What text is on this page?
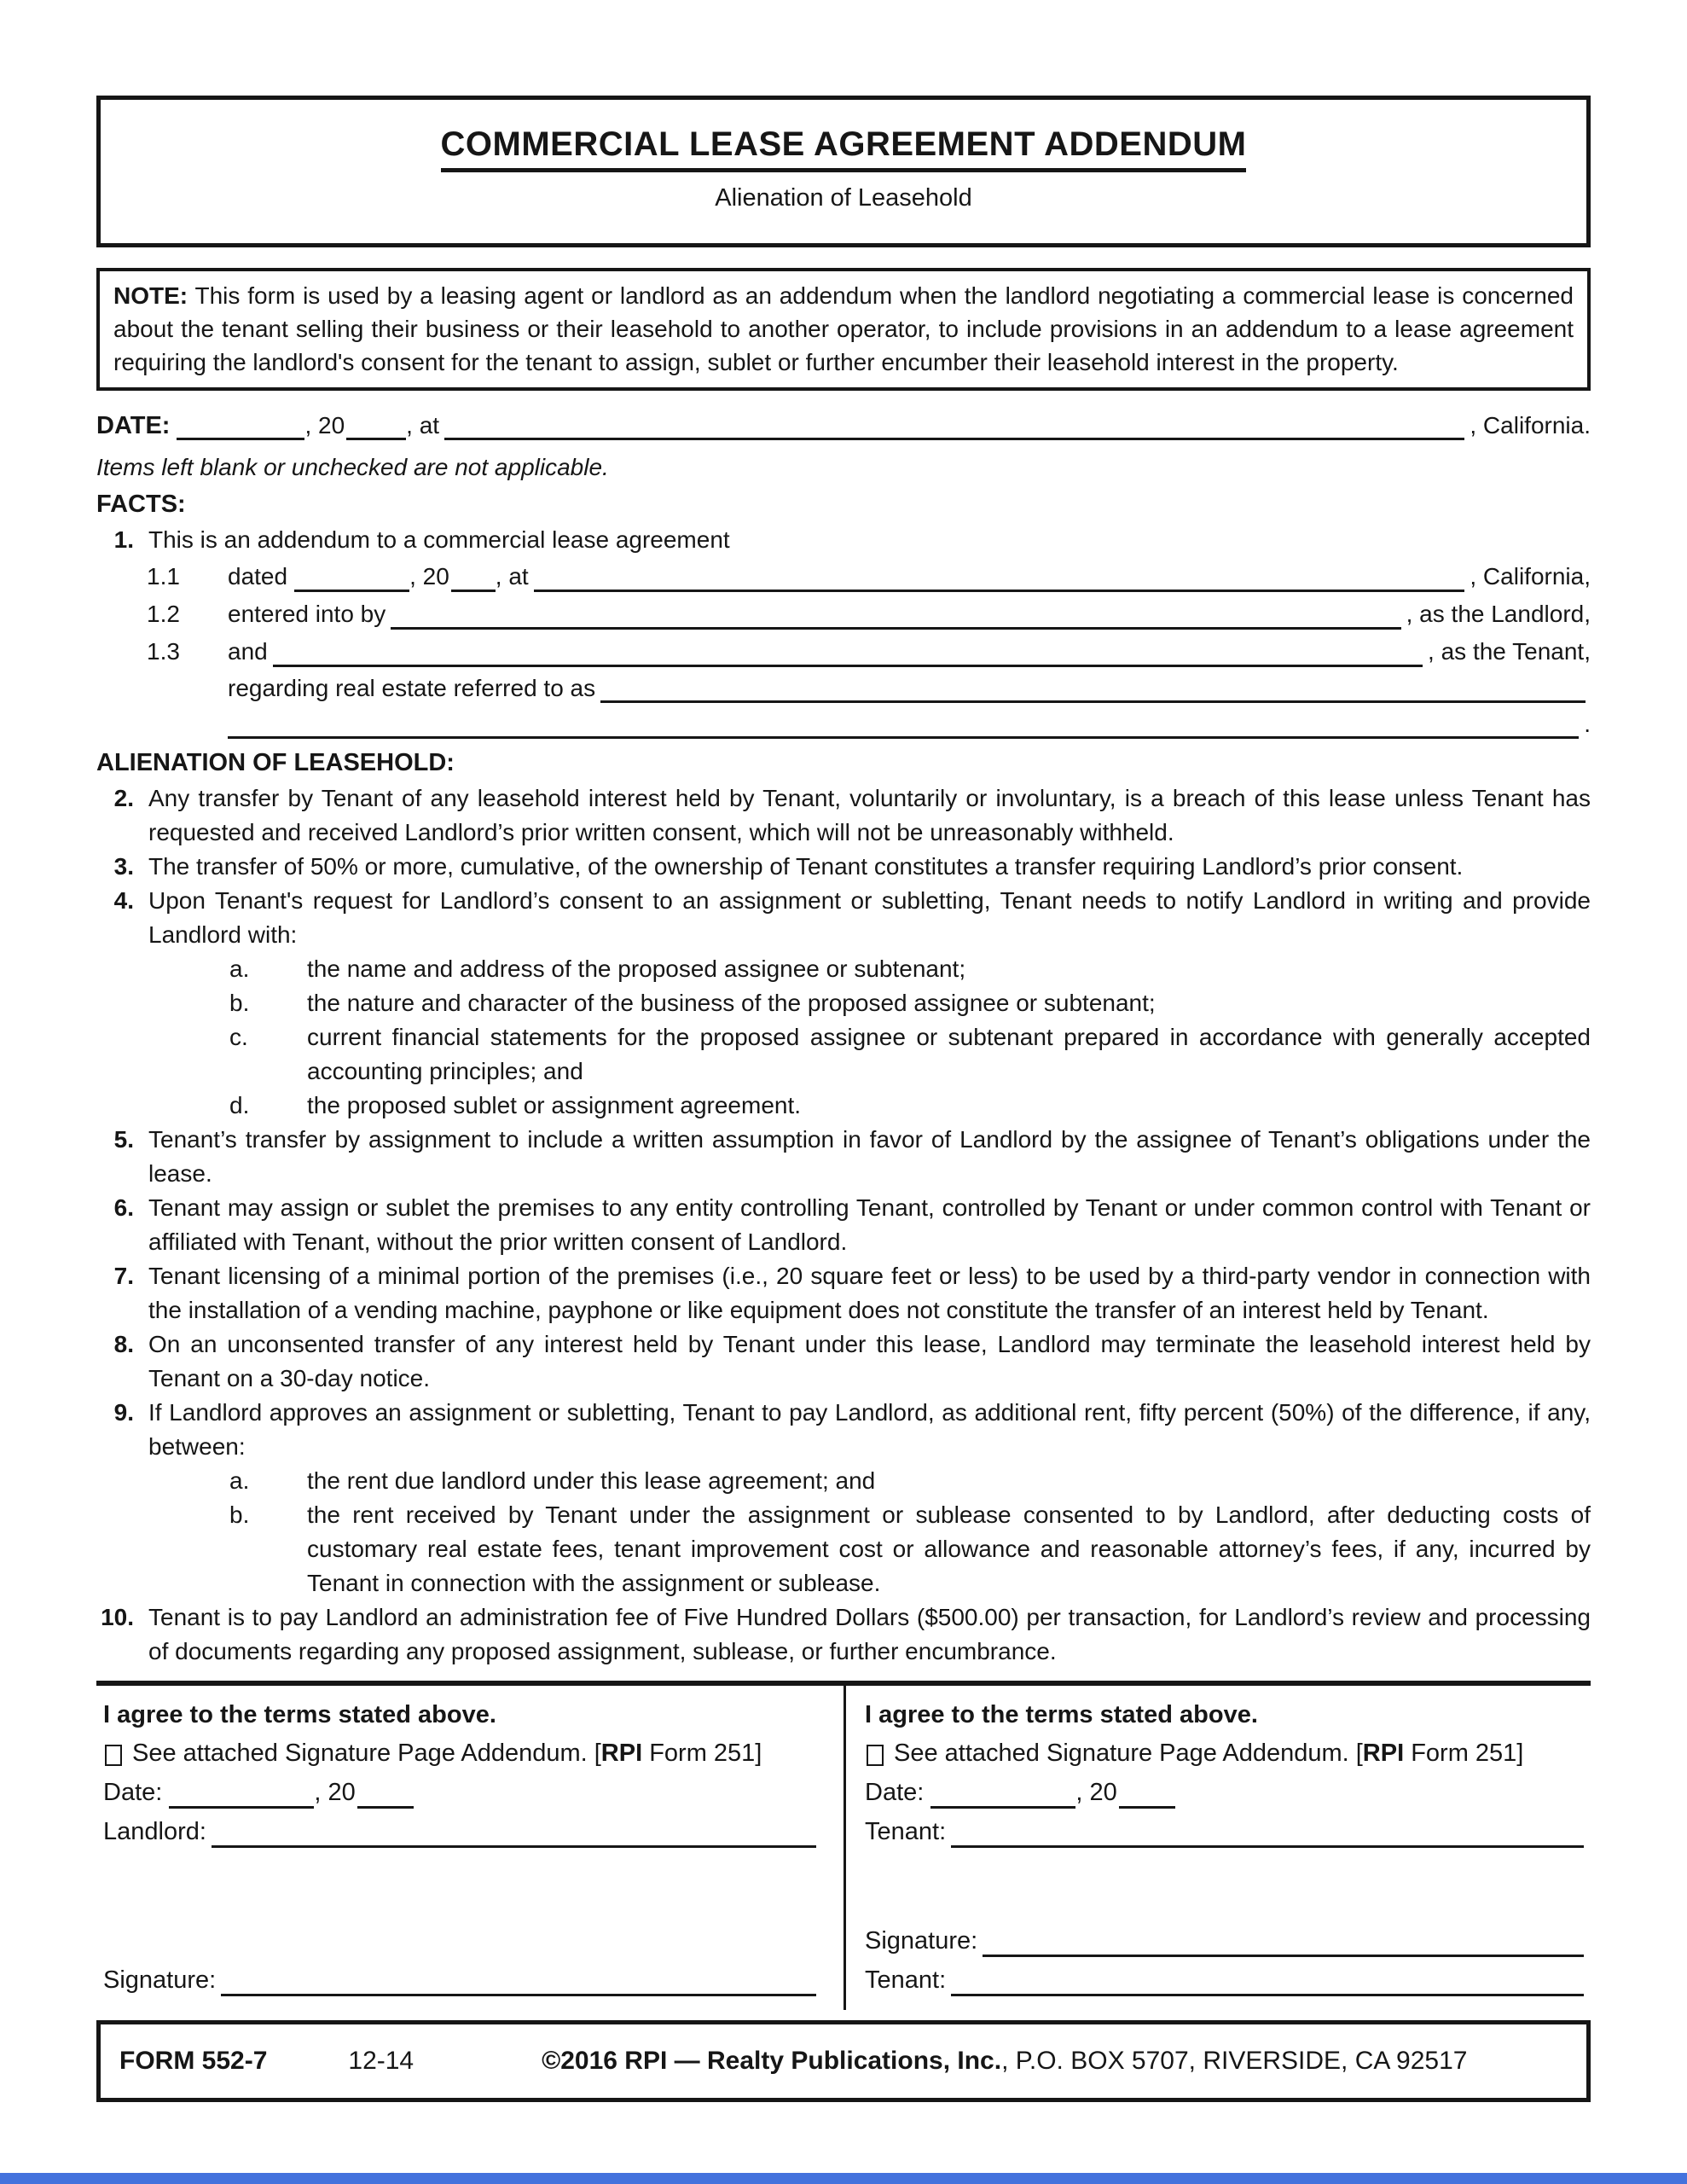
COMMERCIAL LEASE AGREEMENT ADDENDUM
Alienation of Leasehold
NOTE: This form is used by a leasing agent or landlord as an addendum when the landlord negotiating a commercial lease is concerned about the tenant selling their business or their leasehold to another operator, to include provisions in an addendum to a lease agreement requiring the landlord's consent for the tenant to assign, sublet or further encumber their leasehold interest in the property.
DATE:	, 20	, at	, California.
Items left blank or unchecked are not applicable.
FACTS:
1. This is an addendum to a commercial lease agreement
1.1 dated	, 20 , at	, California,
1.2 entered into by	, as the Landlord,
1.3 and	, as the Tenant,
regarding real estate referred to as
.
ALIENATION OF LEASEHOLD:
2. Any transfer by Tenant of any leasehold interest held by Tenant, voluntarily or involuntary, is a breach of this lease unless Tenant has requested and received Landlord’s prior written consent, which will not be unreasonably withheld.
3. The transfer of 50% or more, cumulative, of the ownership of Tenant constitutes a transfer requiring Landlord’s prior consent.
4. Upon Tenant's request for Landlord’s consent to an assignment or subletting, Tenant needs to notify Landlord in writing and provide Landlord with:
a. the name and address of the proposed assignee or subtenant;
b. the nature and character of the business of the proposed assignee or subtenant;
c. current financial statements for the proposed assignee or subtenant prepared in accordance with generally accepted accounting principles; and
d. the proposed sublet or assignment agreement.
5. Tenant’s transfer by assignment to include a written assumption in favor of Landlord by the assignee of Tenant’s obligations under the lease.
6. Tenant may assign or sublet the premises to any entity controlling Tenant, controlled by Tenant or under common control with Tenant or affiliated with Tenant, without the prior written consent of Landlord.
7. Tenant licensing of a minimal portion of the premises (i.e., 20 square feet or less) to be used by a third-party vendor in connection with the installation of a vending machine, payphone or like equipment does not constitute the transfer of an interest held by Tenant.
8. On an unconsented transfer of any interest held by Tenant under this lease, Landlord may terminate the leasehold interest held by Tenant on a 30-day notice.
9. If Landlord approves an assignment or subletting, Tenant to pay Landlord, as additional rent, fifty percent (50%) of the difference, if any, between:
a. the rent due landlord under this lease agreement; and
b. the rent received by Tenant under the assignment or sublease consented to by Landlord, after deducting costs of customary real estate fees, tenant improvement cost or allowance and reasonable attorney’s fees, if any, incurred by Tenant in connection with the assignment or sublease.
10. Tenant is to pay Landlord an administration fee of Five Hundred Dollars ($500.00) per transaction, for Landlord’s review and processing of documents regarding any proposed assignment, sublease, or further encumbrance.
I agree to the terms stated above.
See attached Signature Page Addendum. [ RPI Form 251]
Date:	, 20
Landlord:
Signature:
I agree to the terms stated above.
See attached Signature Page Addendum. [ RPI Form 251]
Date:	, 20
Tenant:
Signature:
Tenant:
FORM 552-7	12-14	©2016 RPI — Realty Publications, Inc., P.O. BOX 5707, RIVERSIDE, CA 92517
